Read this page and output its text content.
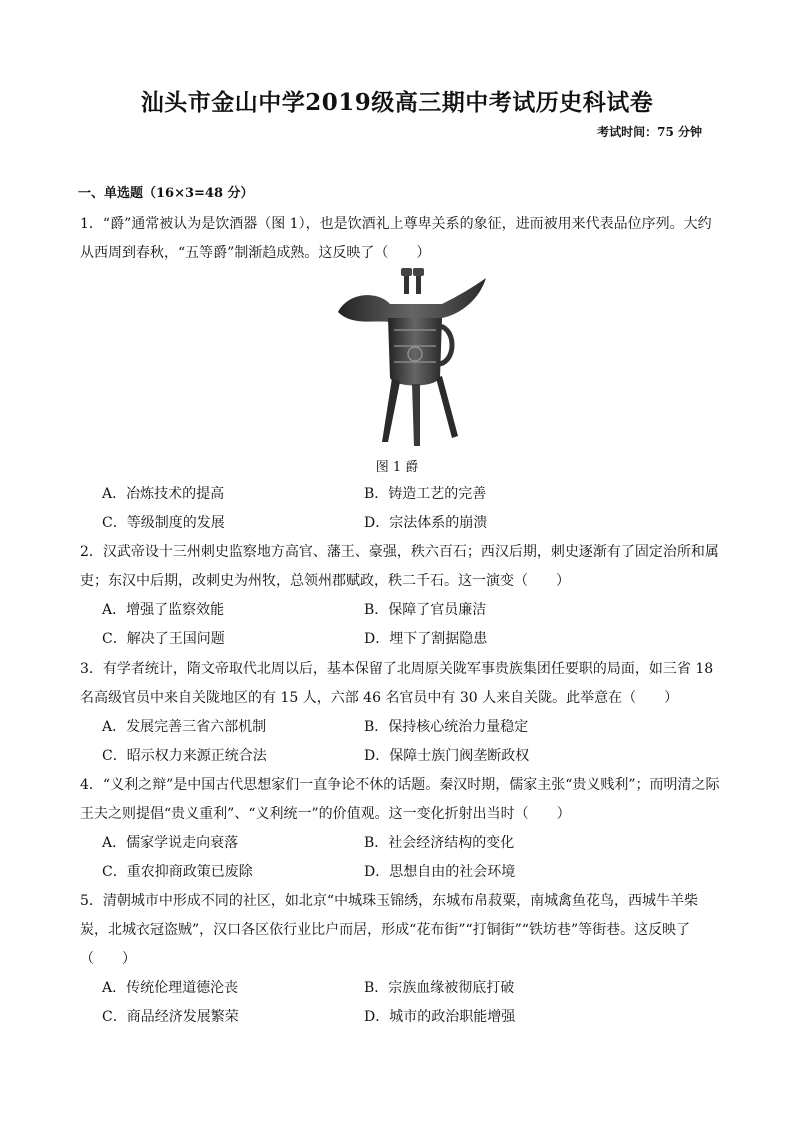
汕头市金山中学2019级高三期中考试历史科试卷
考试时间：75 分钟
一、单选题（16×3=48 分）
1．“爵”通常被认为是饮酒器（图 1），也是饮酒礼上尊卑关系的象征，进而被用来代表品位序列。大约从西周到春秋，“五等爵”制渐趋成熟。这反映了（　　）
图 1 爵
A．冶炼技术的提高	B．铸造工艺的完善
C．等级制度的发展	D．宗法体系的崩溃
2．汉武帝设十三州刺史监察地方高官、藩王、豪强，秩六百石；西汉后期，刺史逐渐有了固定治所和属吏；东汉中后期，改刺史为州牧，总领州郡赋政，秩二千石。这一演变（　　）
A．增强了监察效能	B．保障了官员廉洁
C．解决了王国问题	D．埋下了割据隐患
3．有学者统计，隋文帝取代北周以后，基本保留了北周原关陇军事贵族集团任要职的局面，如三省 18 名高级官员中来自关陇地区的有 15 人，六部 46 名官员中有 30 人来自关陇。此举意在（　　）
A．发展完善三省六部机制	B．保持核心统治力量稳定
C．昭示权力来源正统合法	D．保障士族门阀垄断政权
4．“义利之辩”是中国古代思想家们一直争论不休的话题。秦汉时期，儒家主张“贵义贱利”；而明清之际王夫之则提倡“贵义重利”、“义利统一”的价值观。这一变化折射出当时（　　）
A．儒家学说走向衰落	B．社会经济结构的变化
C．重农抑商政策已废除	D．思想自由的社会环境
5．清朝城市中形成不同的社区，如北京“中城珠玉锦绣，东城布帛菽粟，南城禽鱼花鸟，西城牛羊柴炭，北城衣冠盗贼”，汉口各区依行业比户而居，形成“花布街”“打铜街”“铁坊巷”等街巷。这反映了（　　）
A．传统伦理道德沦丧	B．宗族血缘被彻底打破
C．商品经济发展繁荣	D．城市的政治职能增强
